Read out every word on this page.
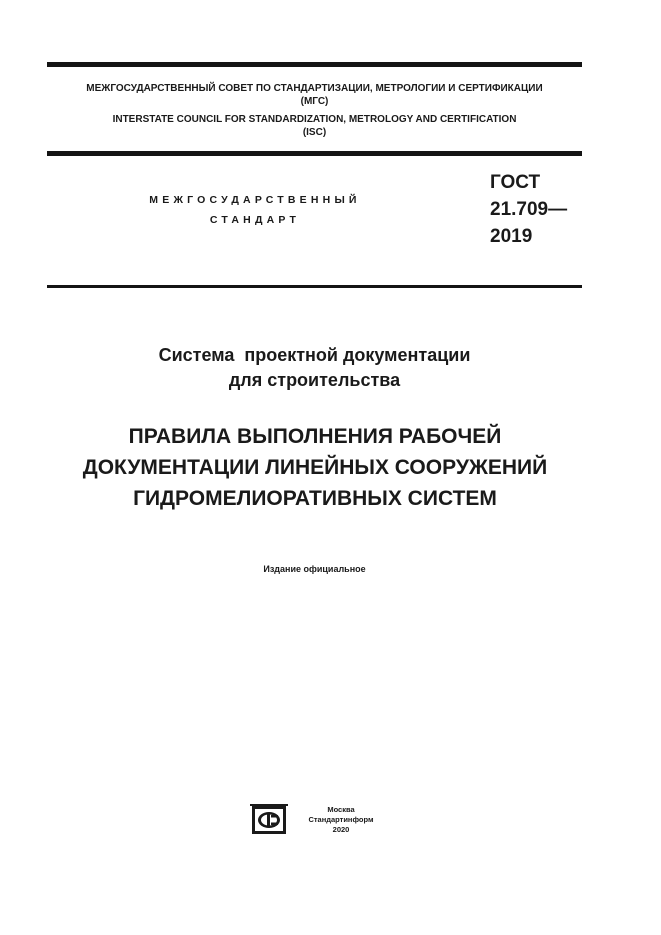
МЕЖГОСУДАРСТВЕННЫЙ СОВЕТ ПО СТАНДАРТИЗАЦИИ, МЕТРОЛОГИИ И СЕРТИФИКАЦИИ
(МГС)
INTERSTATE COUNCIL FOR STANDARDIZATION, METROLOGY AND CERTIFICATION
(ISC)
МЕЖГОСУДАРСТВЕННЫЙ
СТАНДАРТ
ГОСТ
21.709—
2019
Система  проектной документации
для строительства
ПРАВИЛА ВЫПОЛНЕНИЯ РАБОЧЕЙ
ДОКУМЕНТАЦИИ ЛИНЕЙНЫХ СООРУЖЕНИЙ
ГИДРОМЕЛИОРАТИВНЫХ СИСТЕМ
Издание официальное
Москва
Стандартинформ
2020
